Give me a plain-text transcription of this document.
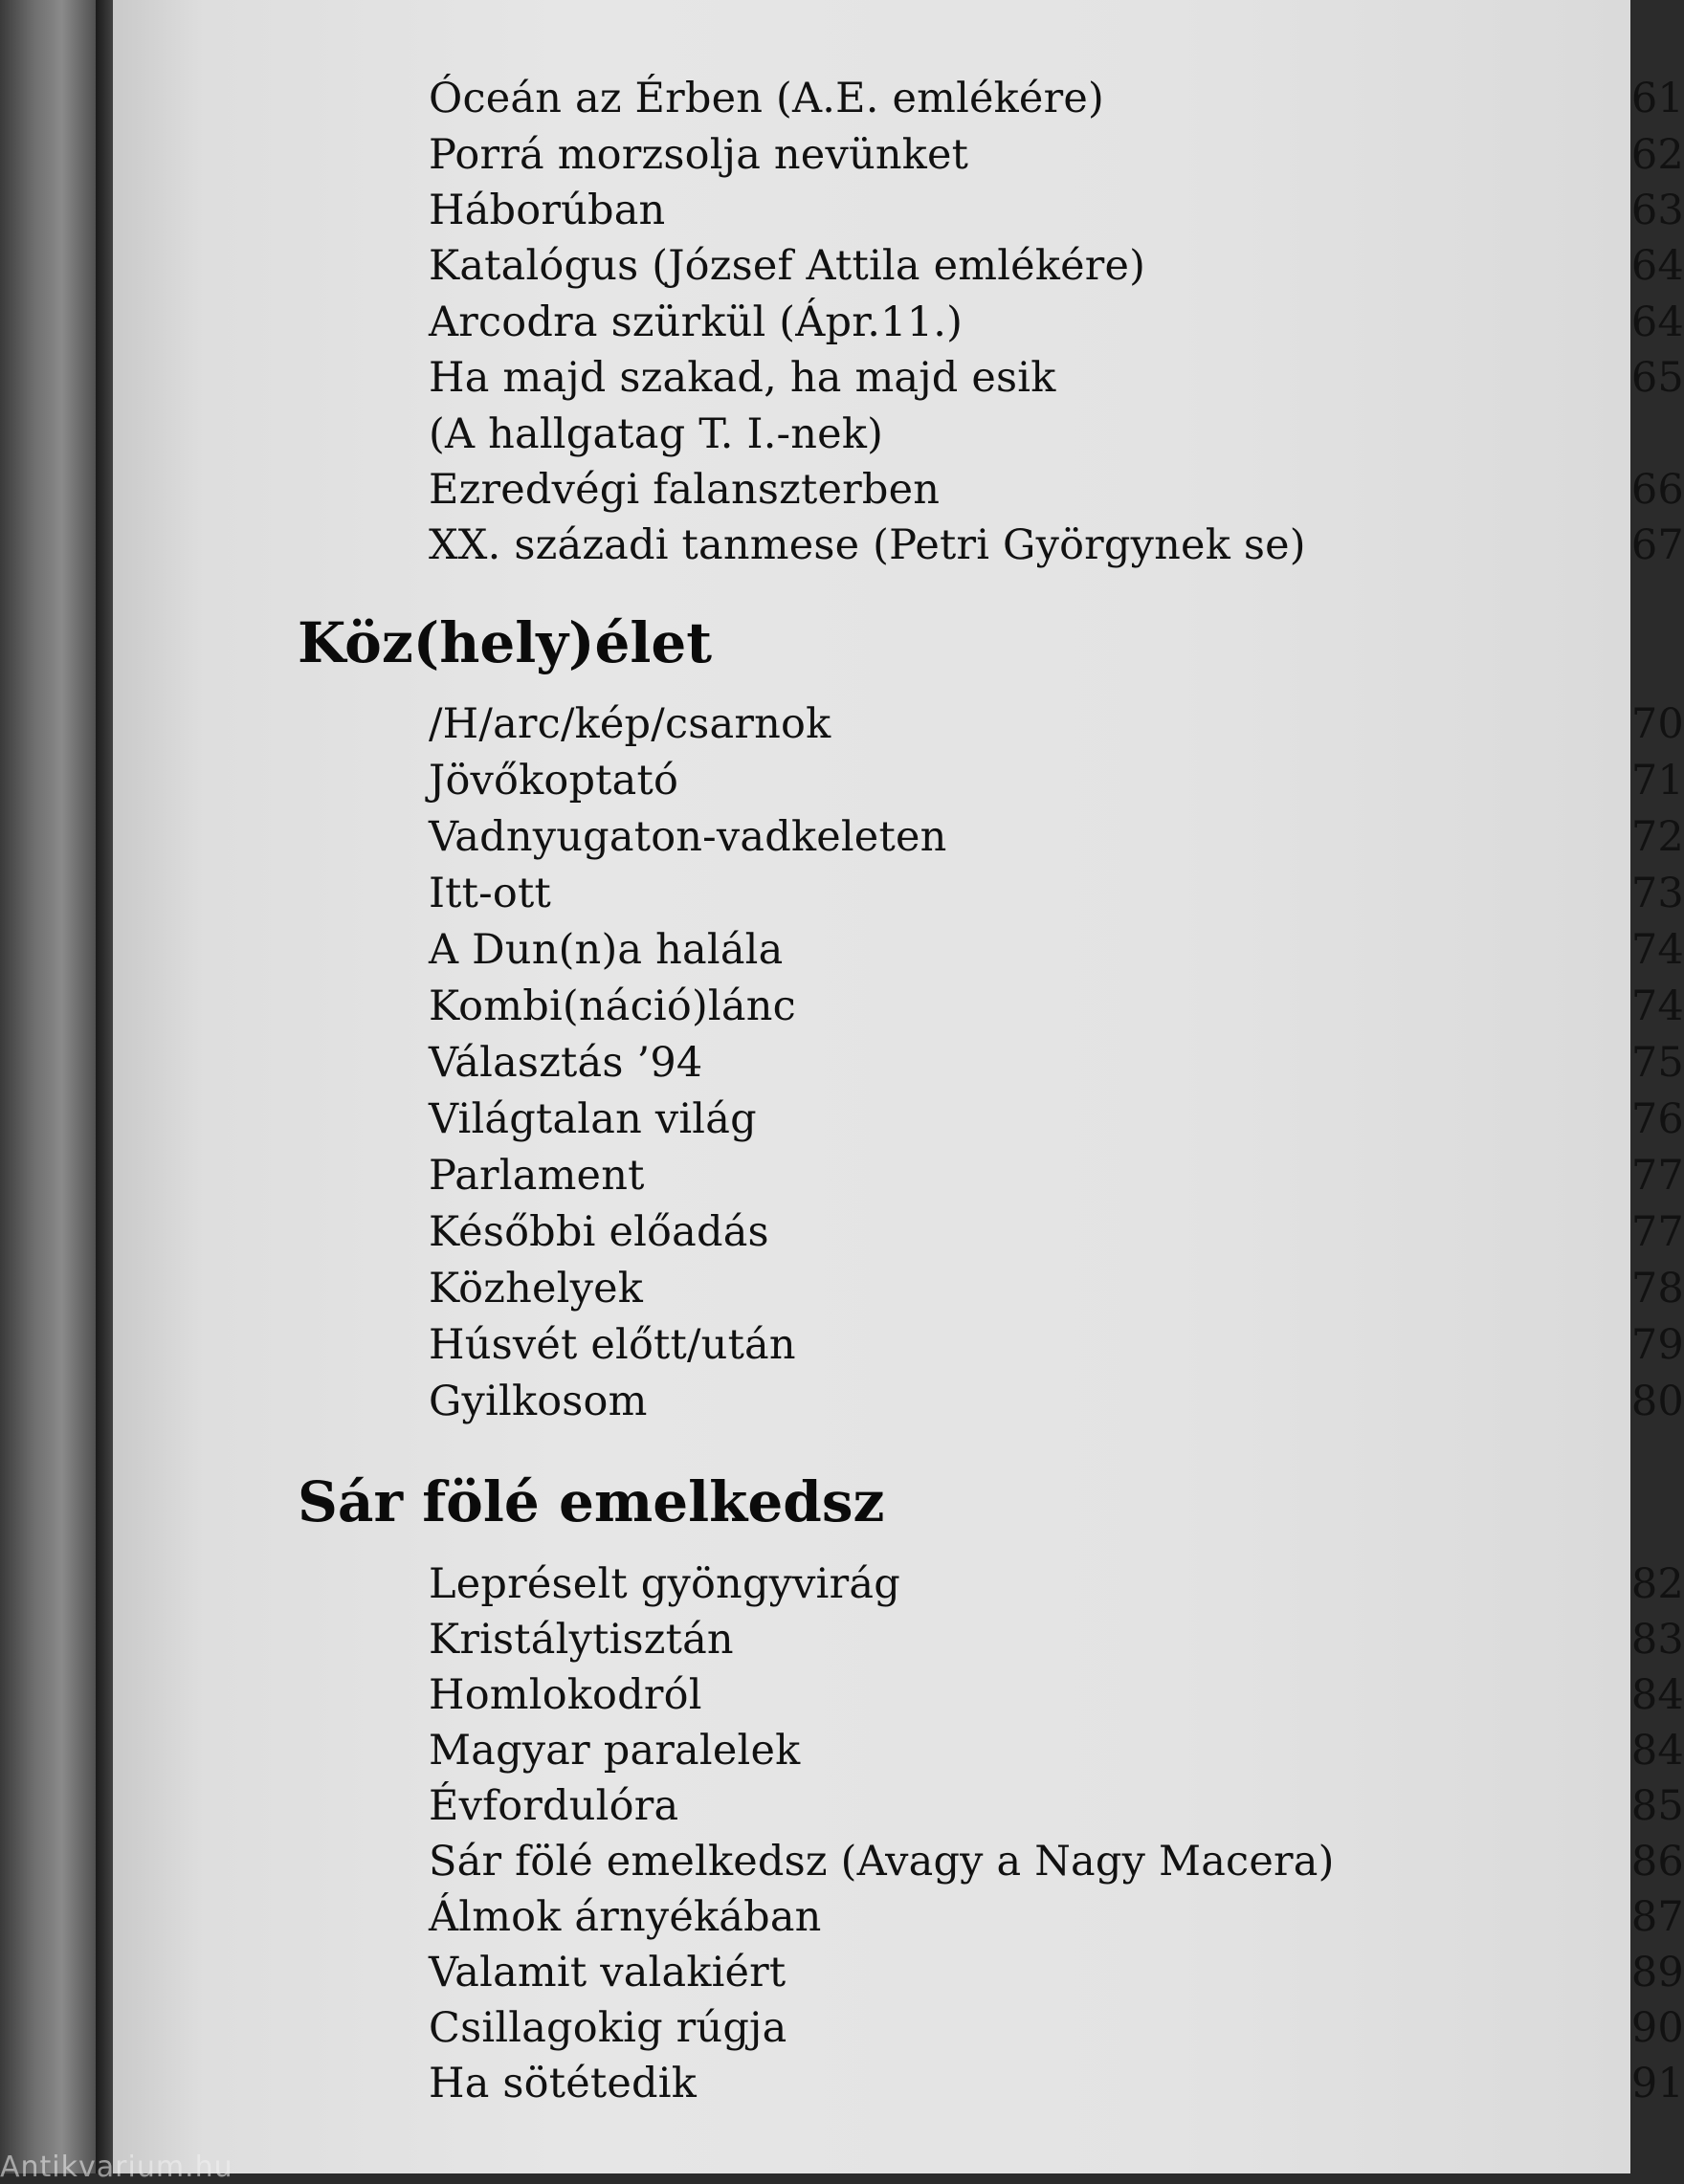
Óceán az Érben (A.E. emlékére)	61
Porrá morzsolja nevünket	62
Háborúban	63
Katalógus (József Attila emlékére)	64
Arcodra szürkül (Ápr.11.)	64
Ha majd szakad, ha majd esik	65
(A hallgatag T. I.-nek)
Ezredvégi falanszterben	66
XX. századi tanmese (Petri Györgynek se)	67
Köz(hely)élet
/H/arc/kép/csarnok	70
Jövőkoptató	71
Vadnyugaton-vadkeleten	72
Itt-ott	73
A Dun(n)a halála	74
Kombi(náció)lánc	74
Választás ’94	75
Világtalan világ	76
Parlament	77
Későbbi előadás	77
Közhelyek	78
Húsvét előtt/után	79
Gyilkosom	80
Sár fölé emelkedsz
Lepréselt gyöngyvirág	82
Kristálytisztán	83
Homlokodról	84
Magyar paralelek	84
Évfordulóra	85
Sár fölé emelkedsz (Avagy a Nagy Macera)	86
Álmok árnyékában	87
Valamit valakiért	89
Csillagokig rúgja	90
Ha sötétedik	91
Antikvarium.hu
